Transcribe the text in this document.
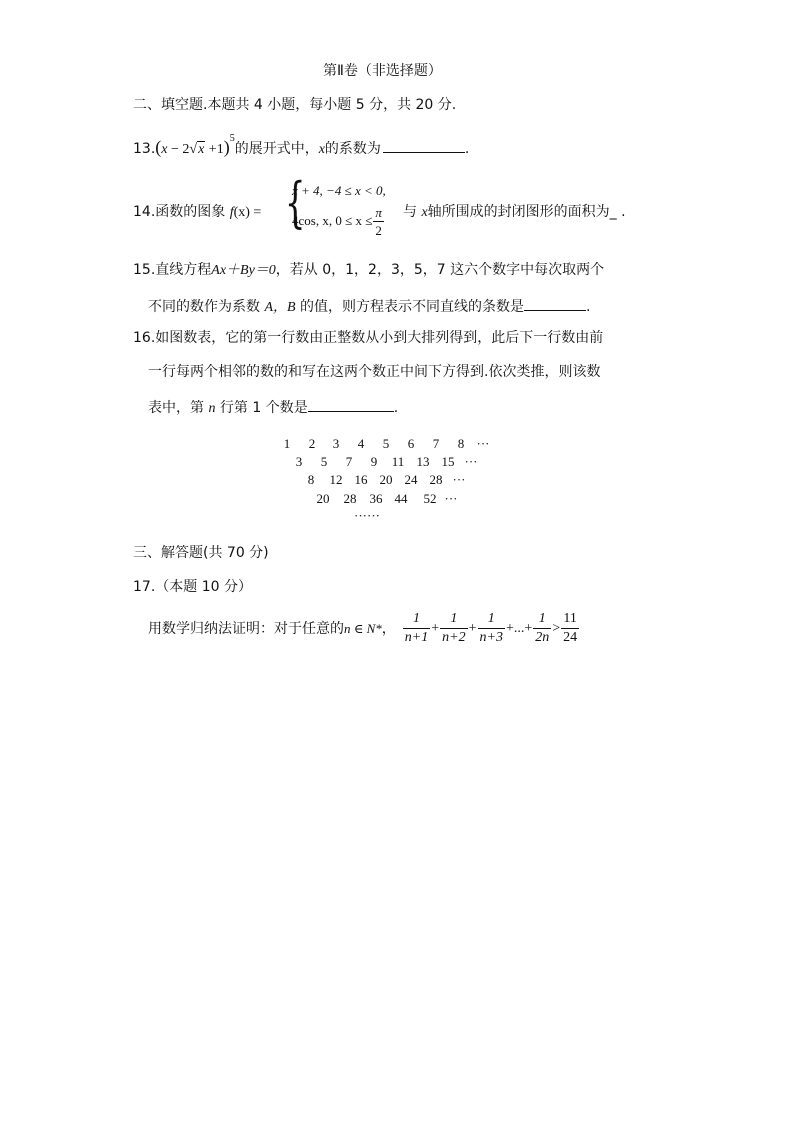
第Ⅱ卷（非选择题）
二、填空题.本题共 4 小题，每小题 5 分，共 20 分.
$13.(x - 2√x +1)^5$的展开式中，x的系数为	.
14.函数的图象 f(x) = {
x + 4, −4 ≤ x < 0,
4cos, x, $0 \le x \le \frac{\pi}{2}$ 与 x轴所围成的封闭图形的面积为_ .
15.直线方程Ax＋By＝0，若从 0，1，2，3，5，7 这六个数字中每次取两个
不同的数作为系数 A，B 的值，则方程表示不同直线的条数是	.
16.如图数表，它的第一行数由正整数从小到大排列得到，此后下一行数由前
一行每两个相邻的数的和写在这两个数正中间下方得到.依次类推，则该数
表中，第 n 行第 1 个数是	.
1	2	3	4	5	6	7	8 ···
3	5	7	9	11 13 15 ···
8	12 16 20 24 28 ···
20	28	36 44	52 ···
······
三、解答题(共 70 分)
17.（本题 10 分）
用数学归纳法证明：对于任意的 n ∈ N* ， $\frac{1}{n+1} + \frac{1}{n+2} + \frac{1}{n+3}$ +...+ $\frac{1}{2n} > \frac{11}{24}$
